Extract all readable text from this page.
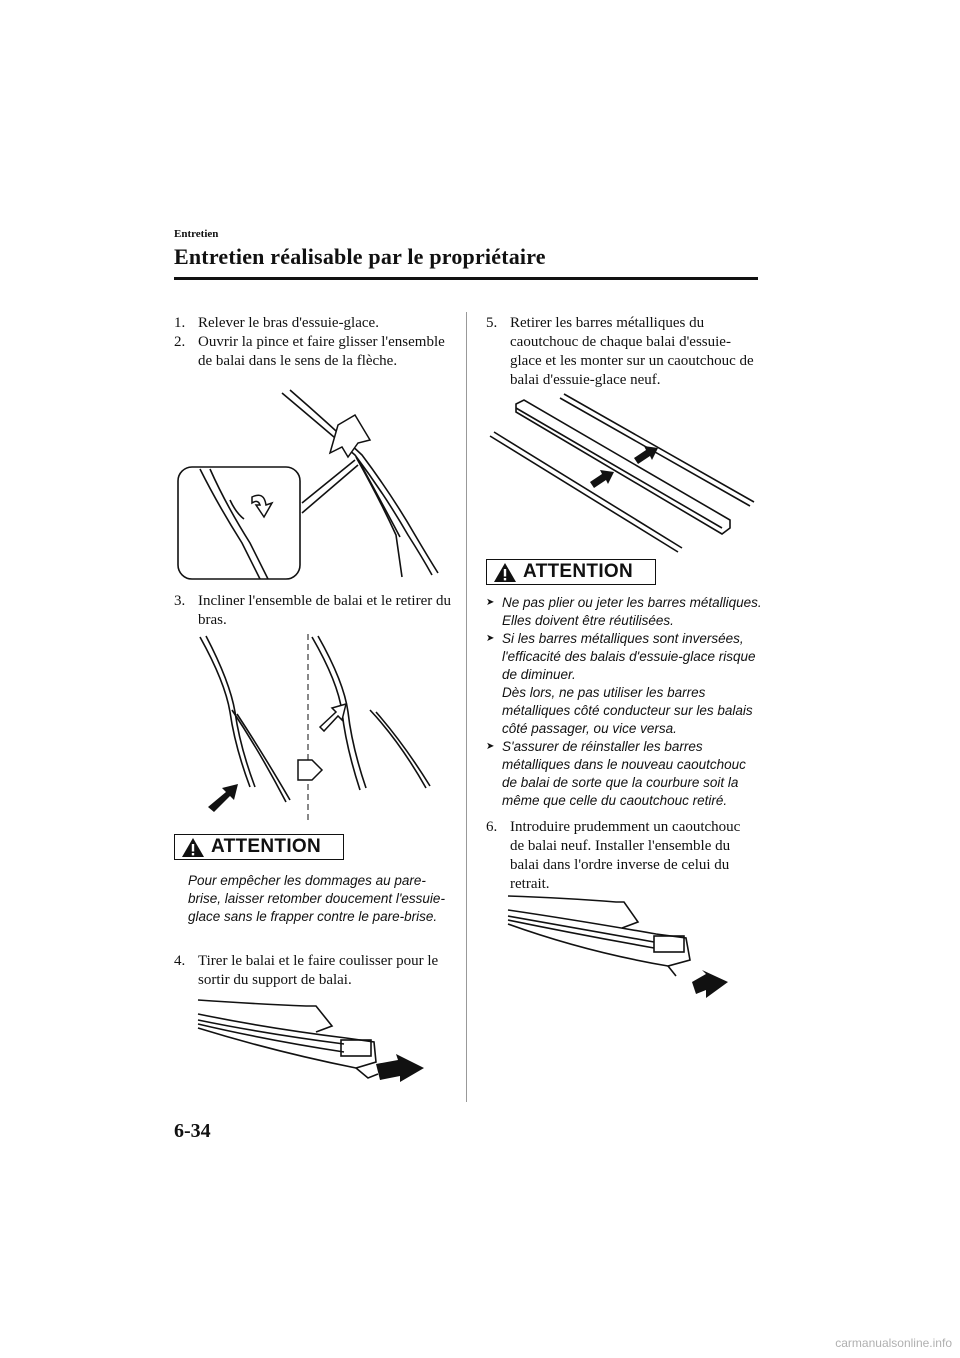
Entretien
Entretien réalisable par le propriétaire
1. Relever le bras d'essuie-glace.
2. Ouvrir la pince et faire glisser l'ensemble de balai dans le sens de la flèche.
3. Incliner l'ensemble de balai et le retirer du bras.
ATTENTION
Pour empêcher les dommages au pare-brise, laisser retomber doucement l'essuie-glace sans le frapper contre le pare-brise.
4. Tirer le balai et le faire coulisser pour le sortir du support de balai.
5. Retirer les barres métalliques du caoutchouc de chaque balai d'essuie-glace et les monter sur un caoutchouc de balai d'essuie-glace neuf.
ATTENTION

➤ Ne pas plier ou jeter les barres métalliques. Elles doivent être réutilisées.

➤ Si les barres métalliques sont inversées, l'efficacité des balais d'essuie-glace risque de diminuer.

Dès lors, ne pas utiliser les barres métalliques côté conducteur sur les balais côté passager, ou vice versa.

➤ S'assurer de réinstaller les barres métalliques dans le nouveau caoutchouc de balai de sorte que la courbure soit la même que celle du caoutchouc retiré.

6. Introduire prudemment un caoutchouc de balai neuf. Installer l'ensemble du balai dans l'ordre inverse de celui du retrait.
6-34
carmanualsonline.info
